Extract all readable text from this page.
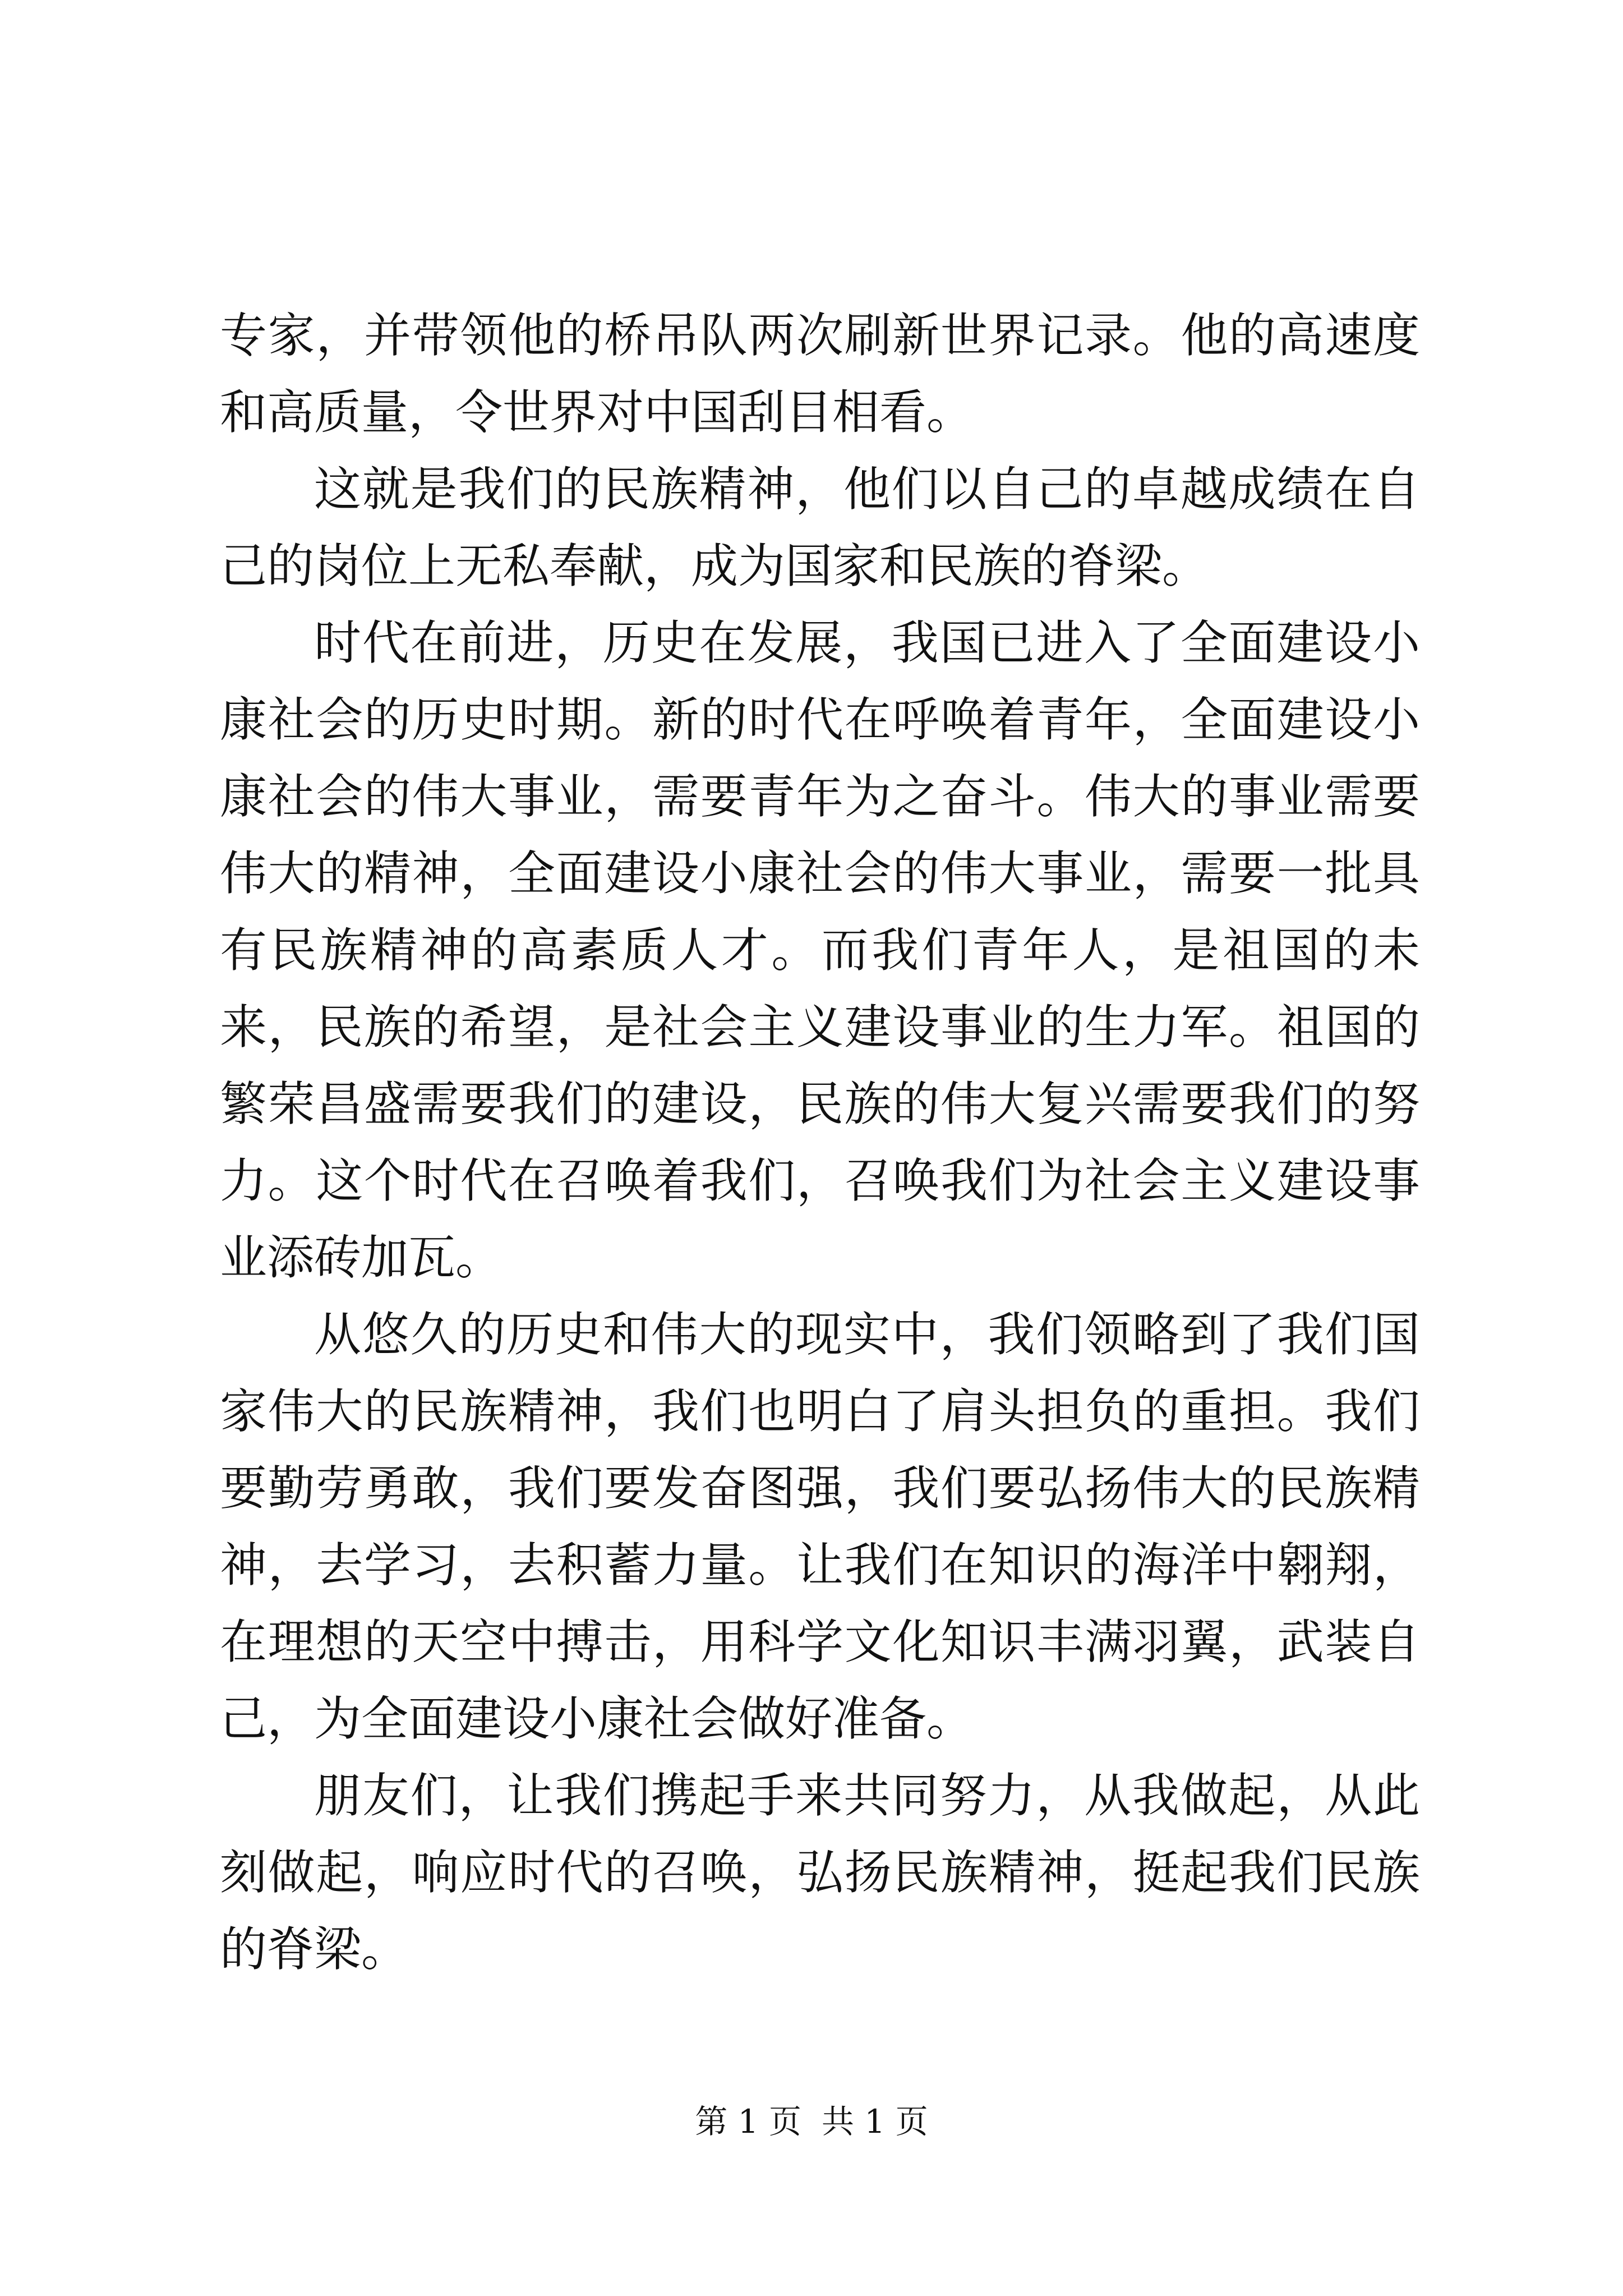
专家，并带领他的桥吊队两次刷新世界记录。他的高速度和高质量，令世界对中国刮目相看。

这就是我们的民族精神，他们以自己的卓越成绩在自己的岗位上无私奉献，成为国家和民族的脊梁。

时代在前进，历史在发展，我国已进入了全面建设小康社会的历史时期。新的时代在呼唤着青年，全面建设小康社会的伟大事业，需要青年为之奋斗。伟大的事业需要伟大的精神，全面建设小康社会的伟大事业，需要一批具有民族精神的高素质人才。而我们青年人，是祖国的未来，民族的希望，是社会主义建设事业的生力军。祖国的繁荣昌盛需要我们的建设，民族的伟大复兴需要我们的努力。这个时代在召唤着我们，召唤我们为社会主义建设事业添砖加瓦。

从悠久的历史和伟大的现实中，我们领略到了我们国家伟大的民族精神，我们也明白了肩头担负的重担。我们要勤劳勇敢，我们要发奋图强，我们要弘扬伟大的民族精神，去学习，去积蓄力量。让我们在知识的海洋中翱翔，在理想的天空中搏击，用科学文化知识丰满羽翼，武装自己，为全面建设小康社会做好准备。

朋友们，让我们携起手来共同努力，从我做起，从此刻做起，响应时代的召唤，弘扬民族精神，挺起我们民族的脊梁。

第 1 页 共 1 页
